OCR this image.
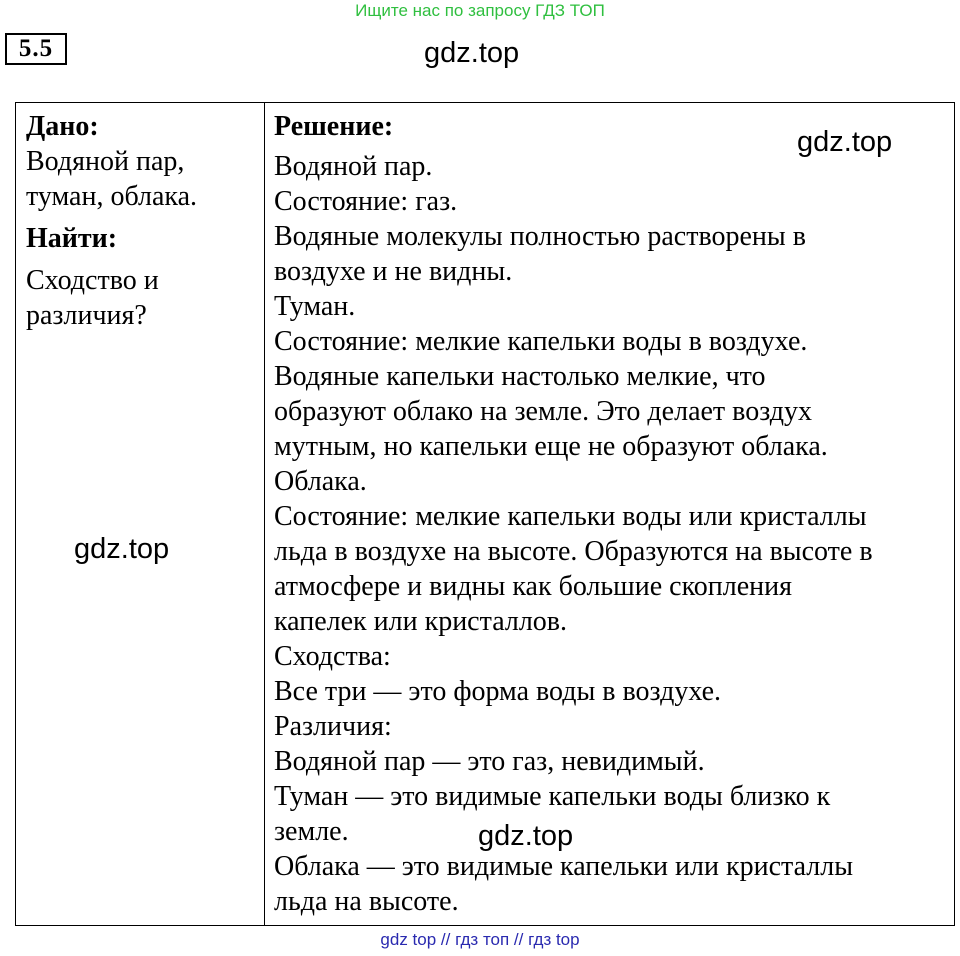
Ищите нас по запросу ГДЗ ТОП
5.5	gdz.top
Дано:
Водяной пар,
туман, облака.
Найти:
Сходство и
различия?
Решение:
Водяной пар.
Состояние: газ.
Водяные молекулы полностью растворены в
воздухе и не видны.
Туман.
Состояние: мелкие капельки воды в воздухе.
Водяные капельки настолько мелкие, что
образуют облако на земле. Это делает воздух
мутным, но капельки еще не образуют облака.
Облака.
Состояние: мелкие капельки воды или кристаллы
льда в воздухе на высоте. Образуются на высоте в
атмосфере и видны как большие скопления
капелек или кристаллов.
Сходства:
Все три — это форма воды в воздухе.
Различия:
Водяной пар — это газ, невидимый.
Туман — это видимые капельки воды близко к
земле.
Облака — это видимые капельки или кристаллы
льда на высоте.
gdz.top
gdz.top
gdz.top
gdz top // гдз топ // гдз top
